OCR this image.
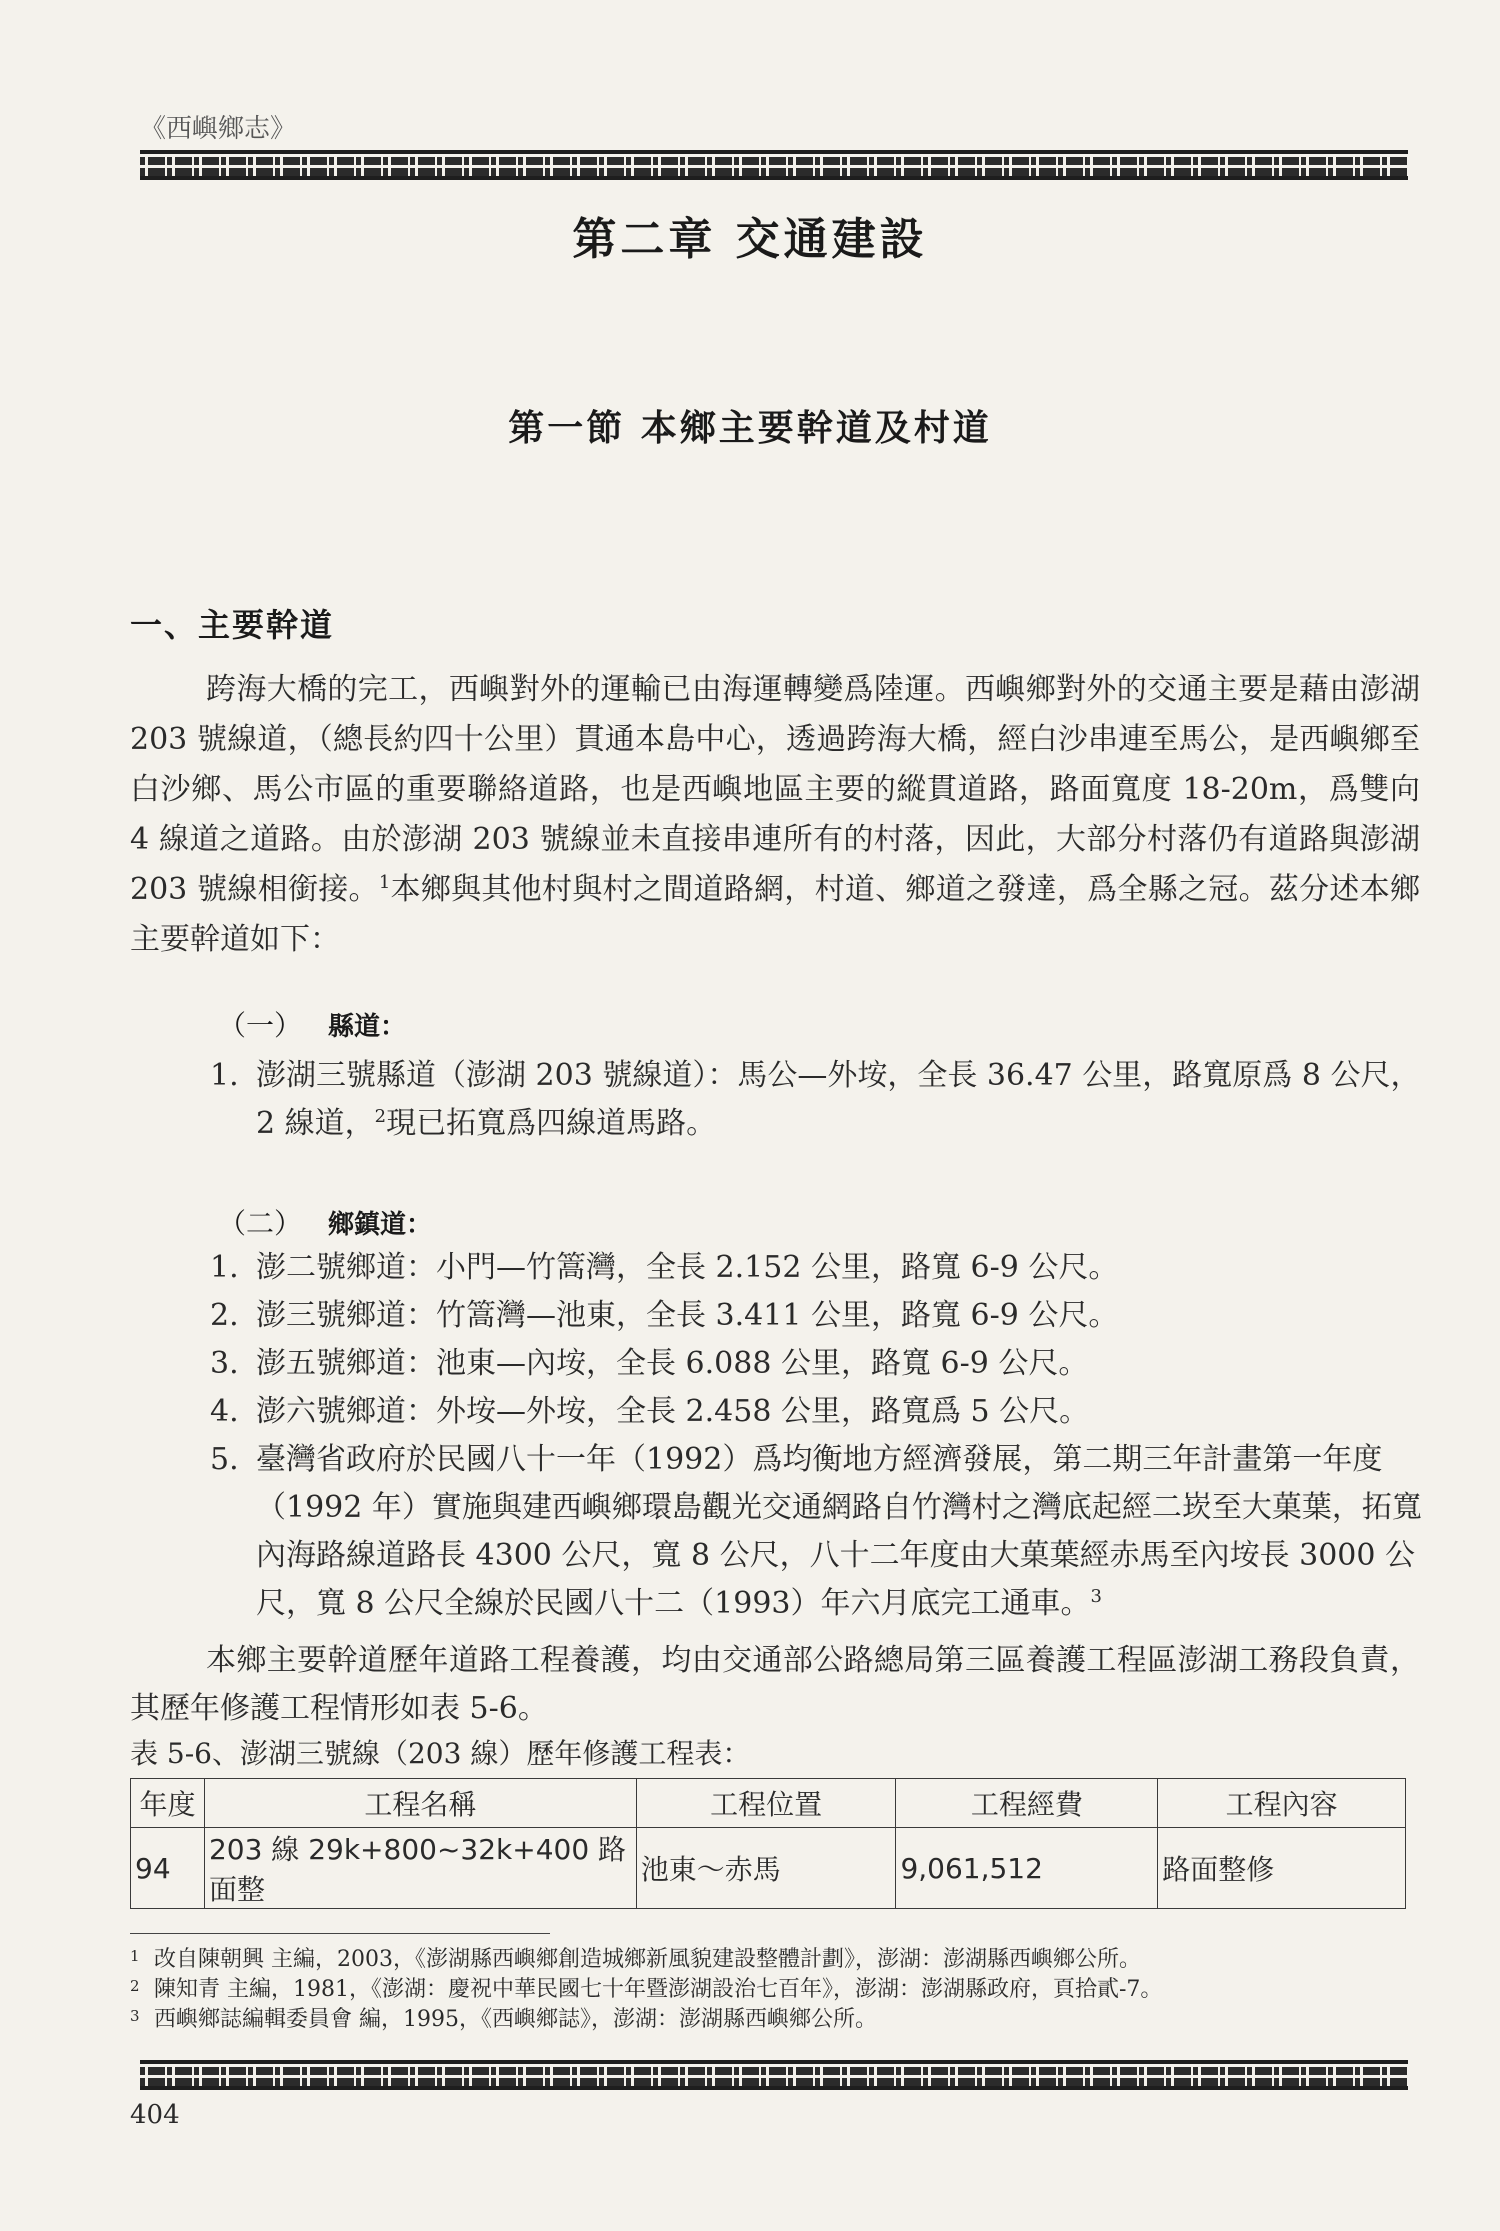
《西嶼鄉志》
第二章 交通建設
第一節 本鄉主要幹道及村道
一、主要幹道
跨海大橋的完工，西嶼對外的運輸已由海運轉變爲陸運。西嶼鄉對外的交通主要是藉由澎湖 203 號線道，（總長約四十公里）貫通本島中心，透過跨海大橋，經白沙串連至馬公，是西嶼鄉至白沙鄉、馬公市區的重要聯絡道路，也是西嶼地區主要的縱貫道路，路面寬度 18-20m，爲雙向 4 線道之道路。由於澎湖 203 號線並未直接串連所有的村落，因此，大部分村落仍有道路與澎湖 203 號線相銜接。$^1$本鄉與其他村與村之間道路網，村道、鄉道之發達，爲全縣之冠。茲分述本鄉主要幹道如下：
（一） 縣道：
1. 澎湖三號縣道（澎湖 203 號線道）：馬公—外垵，全長 36.47 公里，路寬原爲 8 公尺，2 線道，$^2$現已拓寬爲四線道馬路。
（二） 鄉鎮道：
1. 澎二號鄉道：小門—竹篙灣，全長 2.152 公里，路寬 6-9 公尺。
2. 澎三號鄉道：竹篙灣—池東，全長 3.411 公里，路寬 6-9 公尺。
3. 澎五號鄉道：池東—內垵，全長 6.088 公里，路寬 6-9 公尺。
4. 澎六號鄉道：外垵—外垵，全長 2.458 公里，路寬爲 5 公尺。
5. 臺灣省政府於民國八十一年（1992）爲均衡地方經濟發展，第二期三年計畫第一年度（1992 年）實施與建西嶼鄉環島觀光交通網路自竹灣村之灣底起經二崁至大菓葉，拓寬內海路線道路長 4300 公尺，寬 8 公尺，八十二年度由大菓葉經赤馬至內垵長 3000 公尺，寬 8 公尺全線於民國八十二（1993）年六月底完工通車。$^3$
本鄉主要幹道歷年道路工程養護，均由交通部公路總局第三區養護工程區澎湖工務段負責，其歷年修護工程情形如表 5-6。
表 5-6、澎湖三號線（203 線）歷年修護工程表：
年度	工程名稱	工程位置	工程經費	工程內容
94	203 線 29k+800~32k+400 路面整	池東～赤馬	9,061,512	路面整修
1 改自陳朝興 主編，2003，《澎湖縣西嶼鄉創造城鄉新風貌建設整體計劃》，澎湖：澎湖縣西嶼鄉公所。
2 陳知青 主編，1981，《澎湖：慶祝中華民國七十年暨澎湖設治七百年》，澎湖：澎湖縣政府，頁拾貳-7。
3 西嶼鄉誌編輯委員會 編，1995，《西嶼鄉誌》，澎湖：澎湖縣西嶼鄉公所。
404
